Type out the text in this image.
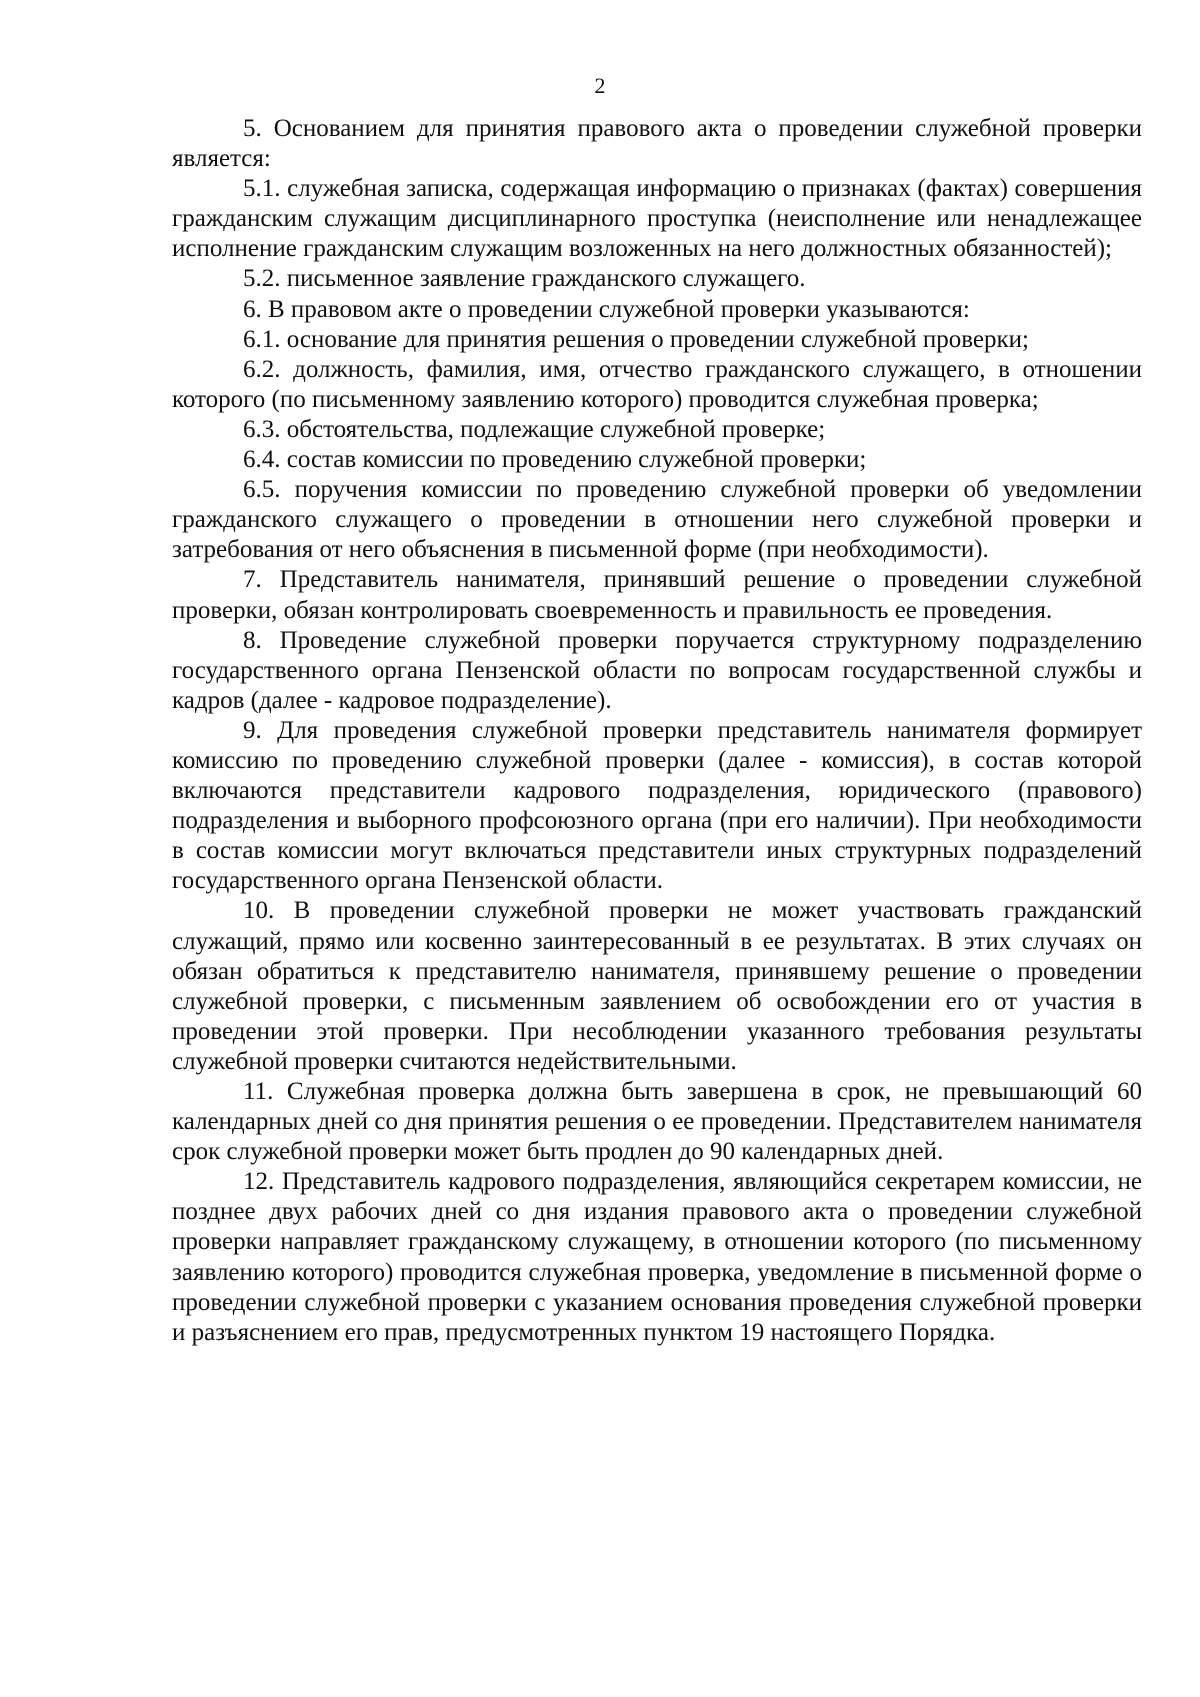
2

5. Основанием для принятия правового акта о проведении служебной проверки является:

5.1. служебная записка, содержащая информацию о признаках (фактах) совершения гражданским служащим дисциплинарного проступка (неисполнение или ненадлежащее исполнение гражданским служащим возложенных на него должностных обязанностей);

5.2. письменное заявление гражданского служащего.

6. В правовом акте о проведении служебной проверки указываются:

6.1. основание для принятия решения о проведении служебной проверки;

6.2. должность, фамилия, имя, отчество гражданского служащего, в отношении которого (по письменному заявлению которого) проводится служебная проверка;

6.3. обстоятельства, подлежащие служебной проверке;

6.4. состав комиссии по проведению служебной проверки;

6.5. поручения комиссии по проведению служебной проверки об уведомлении гражданского служащего о проведении в отношении него служебной проверки и затребования от него объяснения в письменной форме (при необходимости).

7. Представитель нанимателя, принявший решение о проведении служебной проверки, обязан контролировать своевременность и правильность ее проведения.

8. Проведение служебной проверки поручается структурному подразделению государственного органа Пензенской области по вопросам государственной службы и кадров (далее - кадровое подразделение).

9. Для проведения служебной проверки представитель нанимателя формирует комиссию по проведению служебной проверки (далее - комиссия), в состав которой включаются представители кадрового подразделения, юридического (правового) подразделения и выборного профсоюзного органа (при его наличии). При необходимости в состав комиссии могут включаться представители иных структурных подразделений государственного органа Пензенской области.

10. В проведении служебной проверки не может участвовать гражданский служащий, прямо или косвенно заинтересованный в ее результатах. В этих случаях он обязан обратиться к представителю нанимателя, принявшему решение о проведении служебной проверки, с письменным заявлением об освобождении его от участия в проведении этой проверки. При несоблюдении указанного требования результаты служебной проверки считаются недействительными.

11. Служебная проверка должна быть завершена в срок, не превышающий 60 календарных дней со дня принятия решения о ее проведении. Представителем нанимателя срок служебной проверки может быть продлен до 90 календарных дней.

12. Представитель кадрового подразделения, являющийся секретарем комиссии, не позднее двух рабочих дней со дня издания правового акта о проведении служебной проверки направляет гражданскому служащему, в отношении которого (по письменному заявлению которого) проводится служебная проверка, уведомление в письменной форме о проведении служебной проверки с указанием основания проведения служебной проверки и разъяснением его прав, предусмотренных пунктом 19 настоящего Порядка.
